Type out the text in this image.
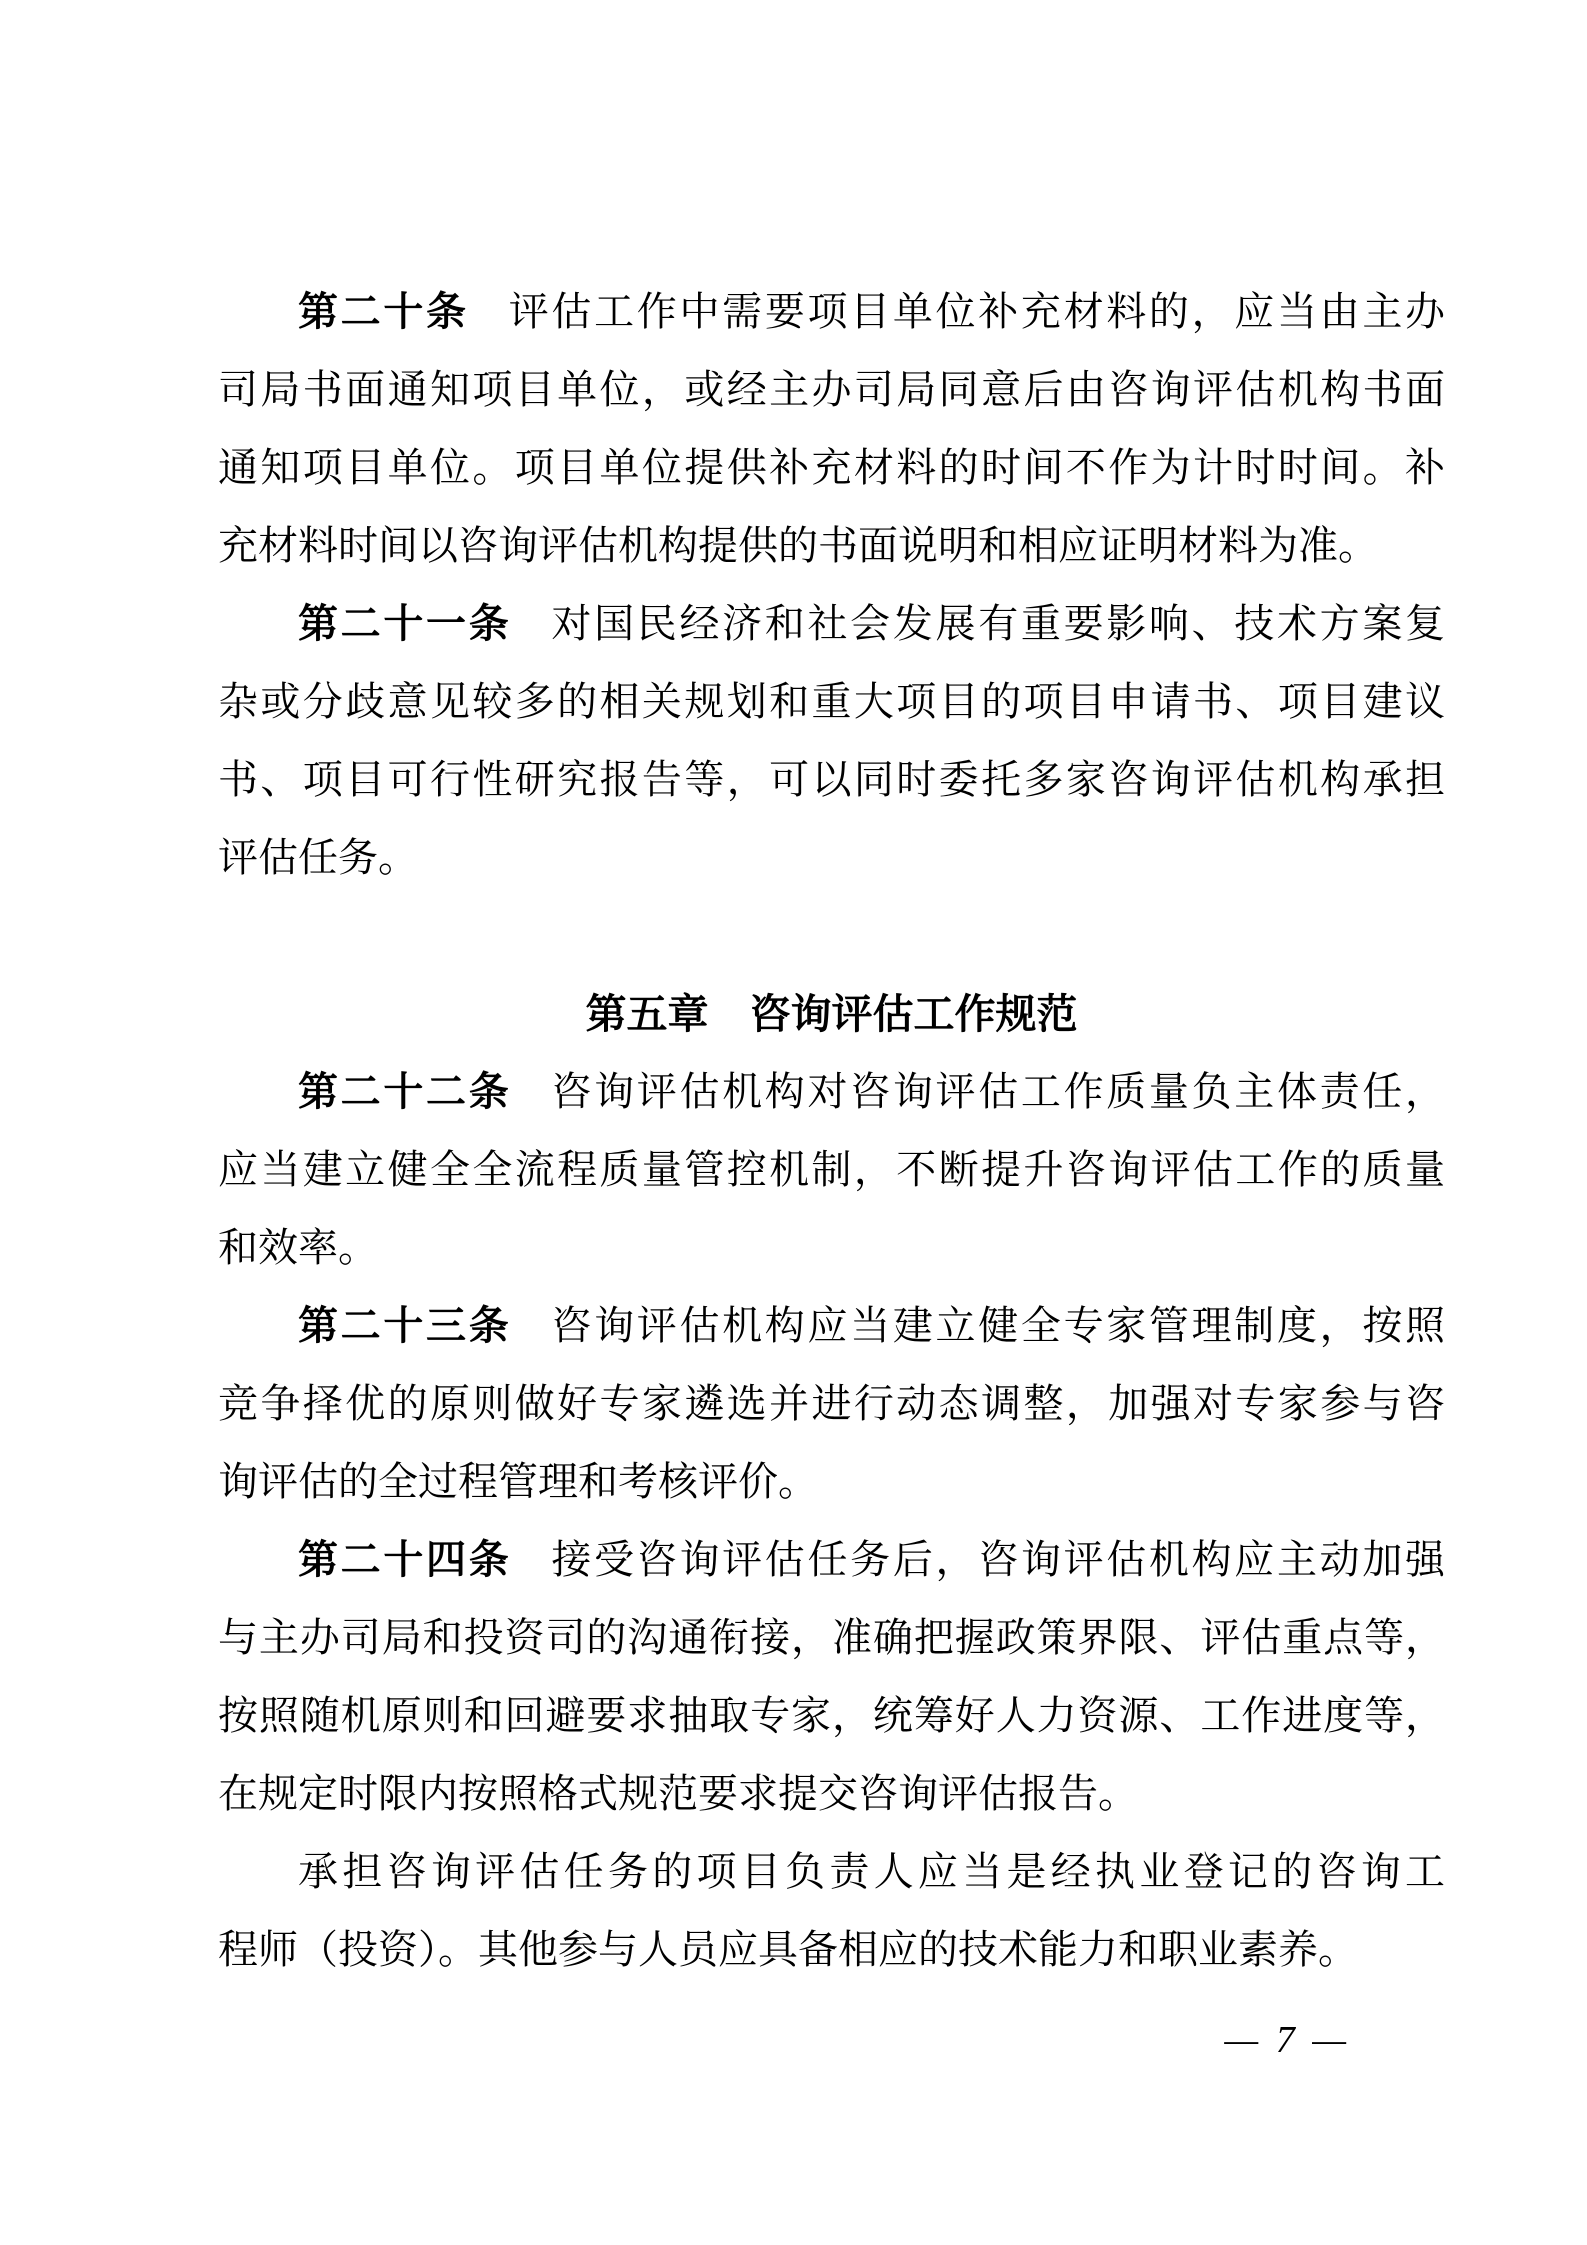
第二十条 评估工作中需要项目单位补充材料的，应当由主办
司局书面通知项目单位，或经主办司局同意后由咨询评估机构书面
通知项目单位。项目单位提供补充材料的时间不作为计时时间。补
充材料时间以咨询评估机构提供的书面说明和相应证明材料为准。
第二十一条 对国民经济和社会发展有重要影响、技术方案复
杂或分歧意见较多的相关规划和重大项目的项目申请书、项目建议
书、项目可行性研究报告等，可以同时委托多家咨询评估机构承担
评估任务。
第五章　咨询评估工作规范
第二十二条 咨询评估机构对咨询评估工作质量负主体责任，
应当建立健全全流程质量管控机制，不断提升咨询评估工作的质量
和效率。
第二十三条 咨询评估机构应当建立健全专家管理制度，按照
竞争择优的原则做好专家遴选并进行动态调整，加强对专家参与咨
询评估的全过程管理和考核评价。
第二十四条 接受咨询评估任务后，咨询评估机构应主动加强
与主办司局和投资司的沟通衔接，准确把握政策界限、评估重点等，
按照随机原则和回避要求抽取专家，统筹好人力资源、工作进度等，
在规定时限内按照格式规范要求提交咨询评估报告。
承担咨询评估任务的项目负责人应当是经执业登记的咨询工
程师（投资）。其他参与人员应具备相应的技术能力和职业素养。
— 7 —
